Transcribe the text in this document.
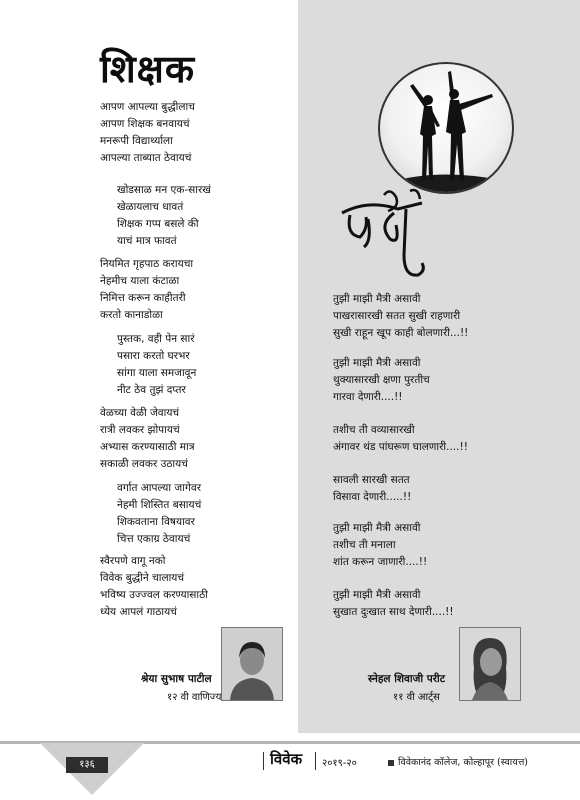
शिक्षक
आपण आपल्या बुद्धीलाच
आपण शिक्षक बनवायचं
मनरूपी विद्यार्थ्याला
आपल्या ताब्यात ठेवायचं
खोडसाळ मन एक-सारखं
खेळायलाच धावतं
शिक्षक गप्प बसले की
याचं मात्र फावतं
नियमित गृहपाठ करायचा
नेहमीच याला कंटाळा
निमित्त करून काहीतरी
करतो कानाडोळा
पुस्तक, वही पेन सारं
पसारा करतो घरभर
सांगा याला समजावून
नीट ठेव तुझं दप्तर
वेळच्या वेळी जेवायचं
रात्री लवकर झोपायचं
अभ्यास करण्यासाठी मात्र
सकाळी लवकर उठायचं
वर्गात आपल्या जागेवर
नेहमी शिस्तित बसायचं
शिकवताना विषयावर
चित्त एकाग्र ठेवायचं
स्वैरपणे वागू नको
विवेक बुद्धीने चालायचं
भविष्य उज्ज्वल करण्यासाठी
ध्येय आपलं गाठायचं
श्रेया सुभाष पाटील
१२ वी वाणिज्य
तुझी माझी मैत्री असावी
पाखरासारखी सतत सुखी राहणारी
सुखी राहून खूप काही बोलणारी...!!
तुझी माझी मैत्री असावी
थुक्यासारखी क्षणा पुरतीच
गारवा देणारी....!!
तशीच ती वव्यासारखी
अंगावर थंड पांघरूण घालणारी....!!
सावली सारखी सतत
विसावा देणारी.....!!
तुझी माझी मैत्री असावी
तशीच ती मनाला
शांत करून जाणारी....!!
तुझी माझी मैत्री असावी
सुखात दुःखात साथ देणारी....!!
स्नेहल शिवाजी परीट
११ वी आर्ट्स
१३६	विवेक २०१९-२०	विवेकानंद कॉलेज, कोल्हापूर (स्वायत्त)
